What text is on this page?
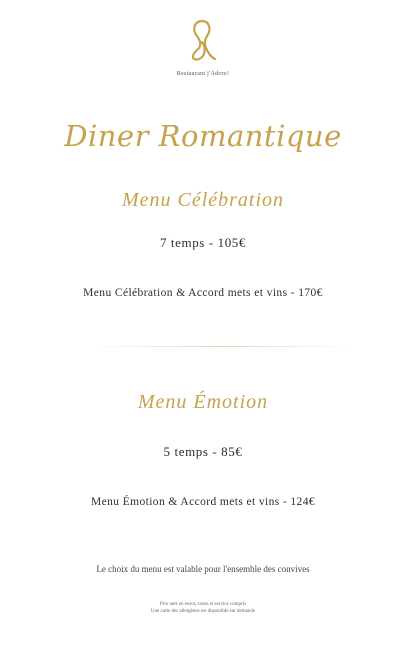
Restaurant j'Adore!
Diner Romantique
Menu Célébration
7 temps - 105€
Menu Célébration & Accord mets et vins - 170€
Menu Émotion
5 temps - 85€
Menu Émotion & Accord mets et vins - 124€
Le choix du menu est valable pour l'ensemble des convives
Prix nets en euros, taxes et service compris
Une carte des allergènes est disponible sur demande
